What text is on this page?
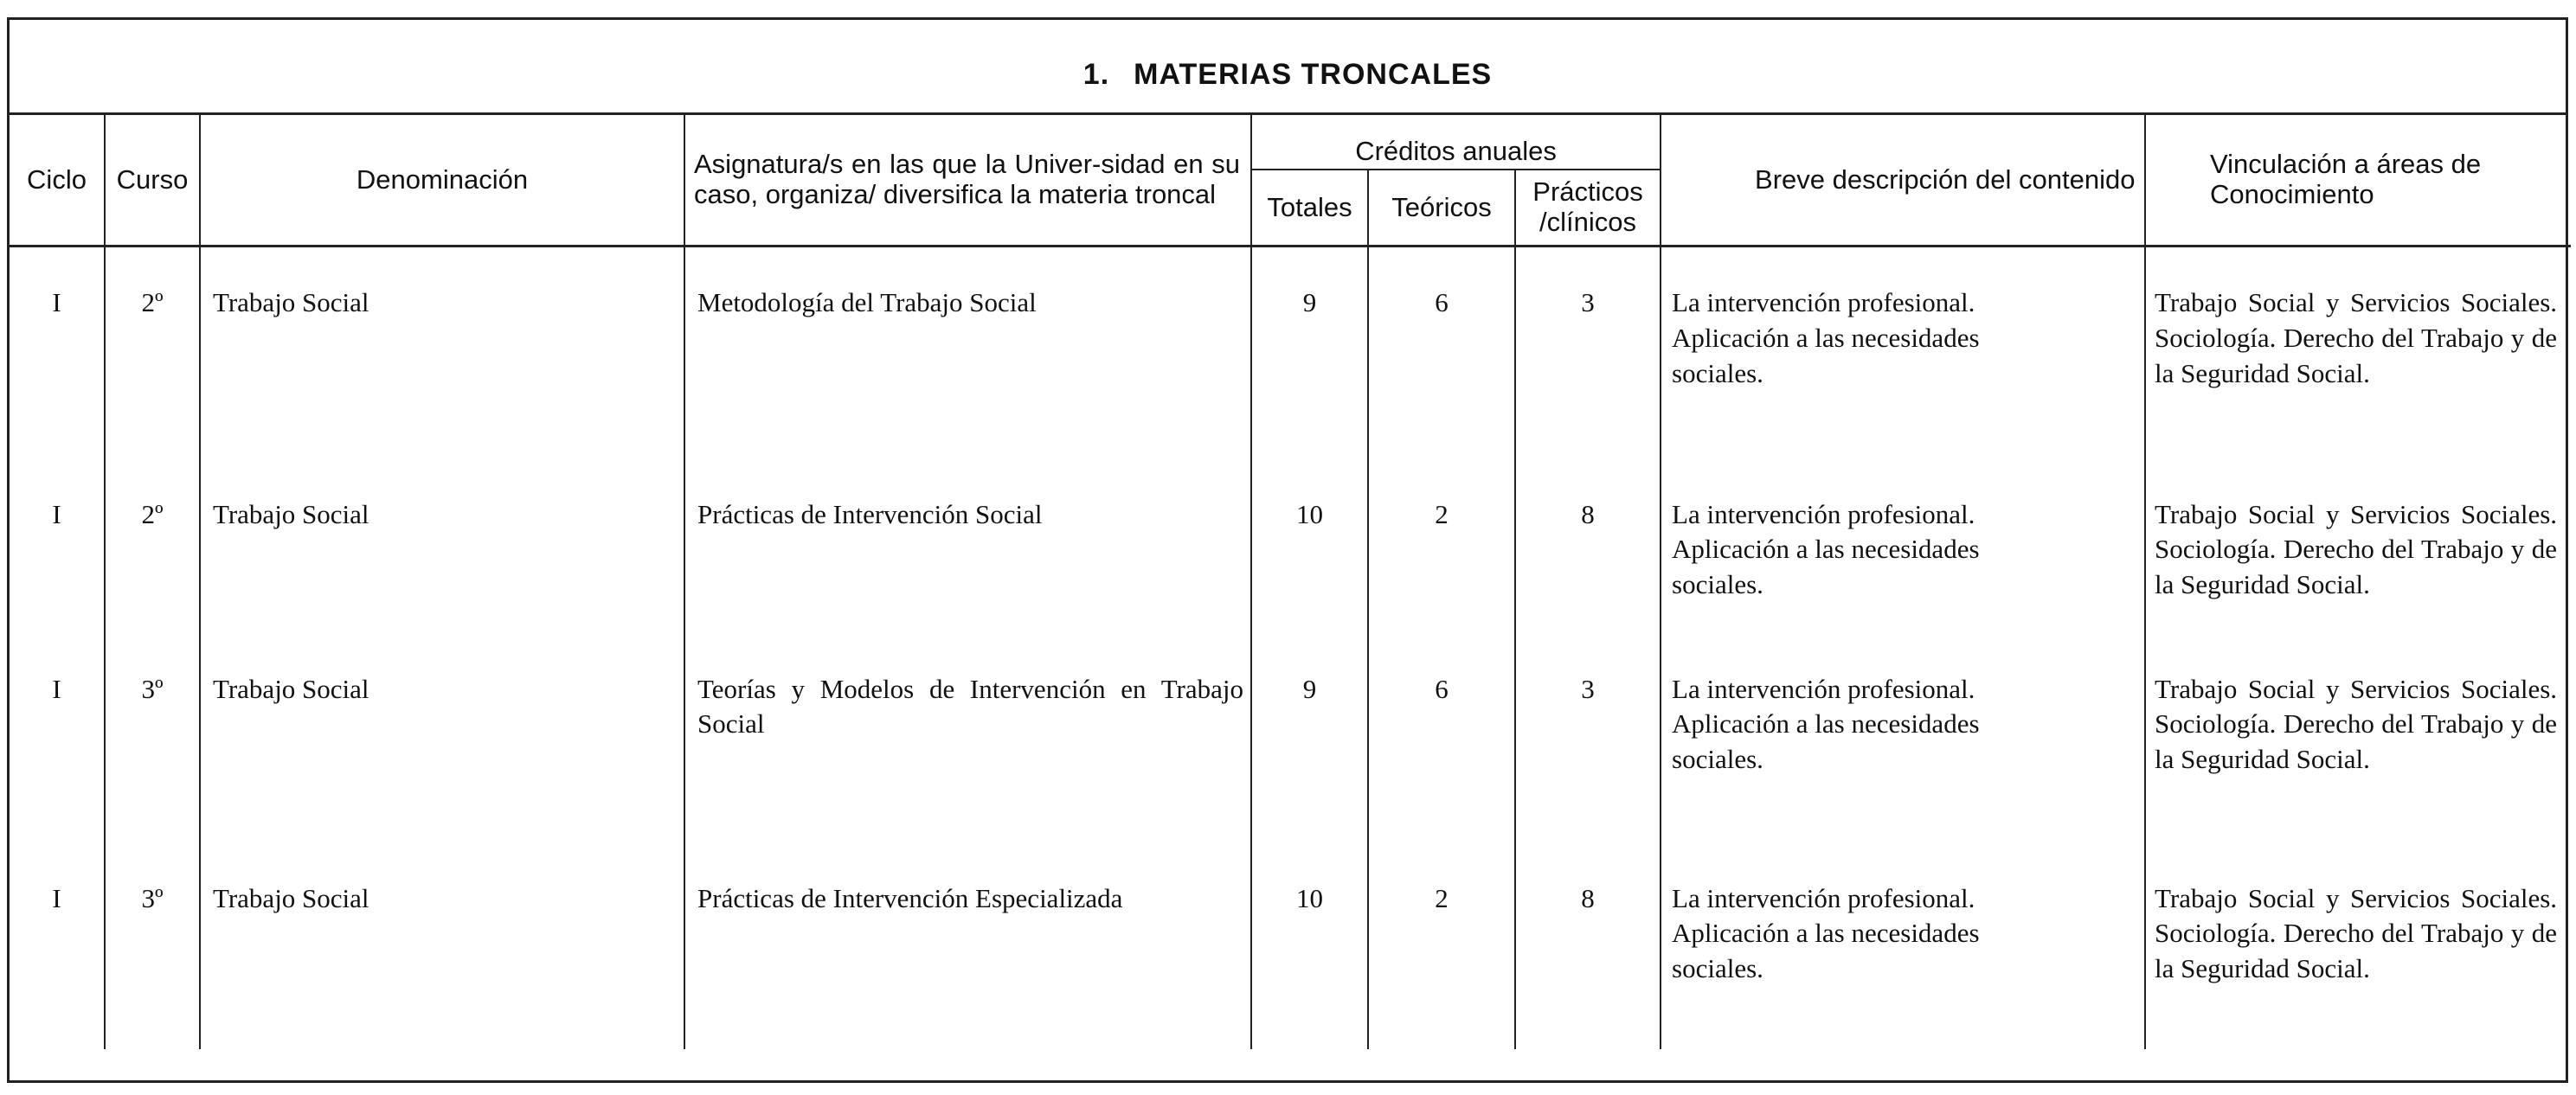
1. MATERIAS TRONCALES
Ciclo	Curso	Denominación	Asignatura/s en las que la Univer-sidad en su caso, organiza/ diversifica la materia troncal	Créditos anuales			Breve descripción del contenido	Vinculación a áreas de Conocimiento
				Totales	Teóricos	Prácticos /clínicos		
I	2º	Trabajo Social	Metodología del Trabajo Social	9	6	3	La intervención profesional. Aplicación a las necesidades sociales.	Trabajo Social y Servicios Sociales. Sociología. Derecho del Trabajo y de la Seguridad Social.
I	2º	Trabajo Social	Prácticas de Intervención Social	10	2	8	La intervención profesional. Aplicación a las necesidades sociales.	Trabajo Social y Servicios Sociales. Sociología. Derecho del Trabajo y de la Seguridad Social.
I	3º	Trabajo Social	Teorías y Modelos de Intervención en Trabajo Social	9	6	3	La intervención profesional. Aplicación a las necesidades sociales.	Trabajo Social y Servicios Sociales. Sociología. Derecho del Trabajo y de la Seguridad Social.
I	3º	Trabajo Social	Prácticas de Intervención Especializada	10	2	8	La intervención profesional. Aplicación a las necesidades sociales.	Trabajo Social y Servicios Sociales. Sociología. Derecho del Trabajo y de la Seguridad Social.
